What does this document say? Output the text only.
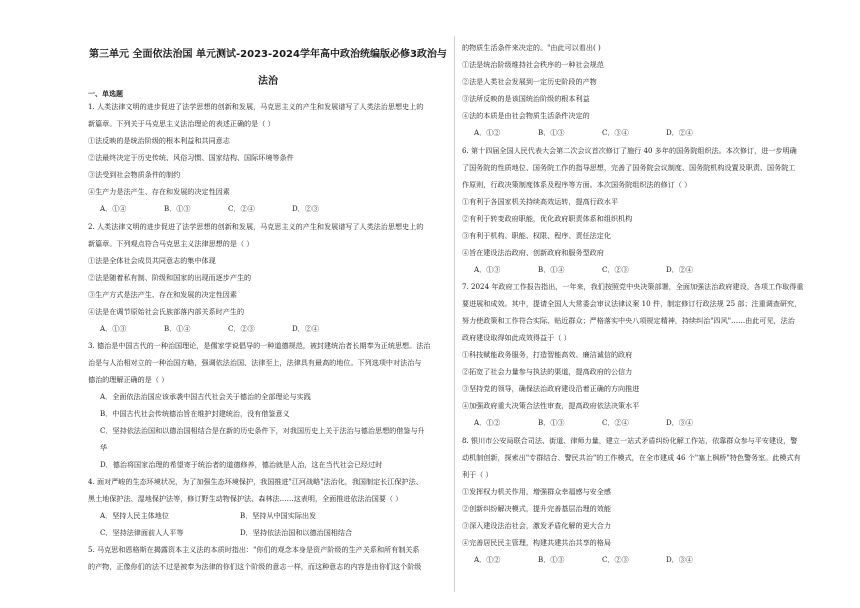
第三单元 全面依法治国 单元测试-2023-2024学年高中政治统编版必修3政治与法治
一、单选题
1. 人类法律文明的进步促进了法学思想的创新和发展，马克思主义的产生和发展谱写了人类法治思想史上的
新篇章。下列关于马克思主义法治理论的表述正确的是（ ）
①法反映的是统治阶级的根本利益和共同意志
②法最终决定于历史传统、风俗习惯、国家结构、国际环境等条件
③法受到社会物质条件的制约
④生产力是法产生、存在和发展的决定性因素
A．①④	B．①③	C．②④	D．②③
2. 人类法律文明的进步促进了法学思想的创新和发展，马克思主义的产生和发展谱写了人类法治思想史上的
新篇章。下列观点符合马克思主义法律思想的是（ ）
①法是全体社会成员共同意志的集中体现
②法是随着私有制、阶级和国家的出现而逐步产生的
③生产方式是法产生、存在和发展的决定性因素
④法是在调节原始社会氏族部落内部关系时产生的
A．①③	B．①④	C．②③	D．②④
3. 德治是中国古代的一种治国理论，是儒家学说倡导的一种道德规范，被封建统治者长期奉为正统思想。法治
治是与人治相对立的一种治国方略，强调依法治国、法律至上，法律具有最高的地位。下列选项中对法治与
德治的理解正确的是（ ）
A．全面依法治国应该承袭中国古代社会关于德治的全部理论与实践
B．中国古代社会传统德治旨在维护封建统治，没有借鉴意义
C．坚持依法治国和以德治国相结合是在新的历史条件下，对我国历史上关于法治与德治思想的借鉴与升
华
D．德治将国家治理的希望寄于统治者的道德修养，德治就是人治，这在当代社会已经过时
4. 面对严峻的生态环境状况，为了加强生态环境保护，我国推进"江河战略"法治化，我国制定长江保护法、
黑土地保护法、湿地保护法等，修订野生动物保护法、森林法……这表明，全面推进依法治国要（ ）
A．坚持人民主体地位	B．坚持从中国实际出发
C．坚持法律面前人人平等	D．坚持依法治国和以德治国相结合
5. 马克思和恩格斯在揭露资本主义法的本质时指出："你们的观念本身是资产阶级的生产关系和所有制关系
的产物，正像你们的法不过是被奉为法律的你们这个阶级的意志一样，而这种意志的内容是由你们这个阶级
的物质生活条件来决定的。"由此可以看出( )
①法是统治阶级维持社会秩序的一种社会规范
②法是人类社会发展到一定历史阶段的产物
③法所反映的是该国统治阶级的根本利益
④法的本质是由社会物质生活条件决定的
A．①②	B．①③	C．③④	D．②④
6. 第十四届全国人民代表大会第二次会议首次修订了施行 40 多年的国务院组织法。本次修订，进一步明确
了国务院的性质地位、国务院工作的指导思想，完善了国务院会议制度、国务院机构设置及职责、国务院工
作原则，行政决策制度体系及程序等方面。本次国务院组织法的修订（ ）
①有利于各国家机关持续高效运转，提高行政水平
②有利于转变政府职能，优化政府职责体系和组织机构
③有利于机构、职能、权限、程序、责任法定化
④旨在建设法治政府、创新政府和服务型政府
A．①③	B．①④	C．②③	D．②④
7. 2024 年政府工作报告指出，一年来，我们按照党中央决策部署，全面加强法治政府建设，各项工作取得重
要进展和成效。其中，提请全国人大常委会审议法律议案 10 件，制定修订行政法规 25 部；注重调查研究，
努力使政策和工作符合实际、贴近群众；严格落实中央八项规定精神，持续纠治"四风"……由此可见，法治
政府建设取得如此成效得益于（ ）
①科技赋能政务服务，打造智能高效、廉洁诚信的政府
②拓宽了社会力量参与执法的渠道，提高政府的公信力
③坚持党的领导，确保法治政府建设沿着正确的方向推进
④加强政府重大决策合法性审查，提高政府依法决策水平
A．①②	B．①③	C．②④	D．③④
8. 银川市公安局联合司法、街道、律师力量，建立一站式矛盾纠纷化解工作站，依靠群众参与平安建设，警
动机制创新，探索出"专群结合、警民共治"的工作模式，在全市建成 46 个"塞上枫桥"特色警务室。此模式有
利于（ ）
①发挥权力机关作用，增强群众幸福感与安全感
②创新纠纷解决模式，提升完善基层治理的效能
③深入建设法治社会，激发矛盾化解的更大合力
④完善居民民主管理，构建共建共治共享的格局
A．①②	B．①③	C．②③	D．③④
